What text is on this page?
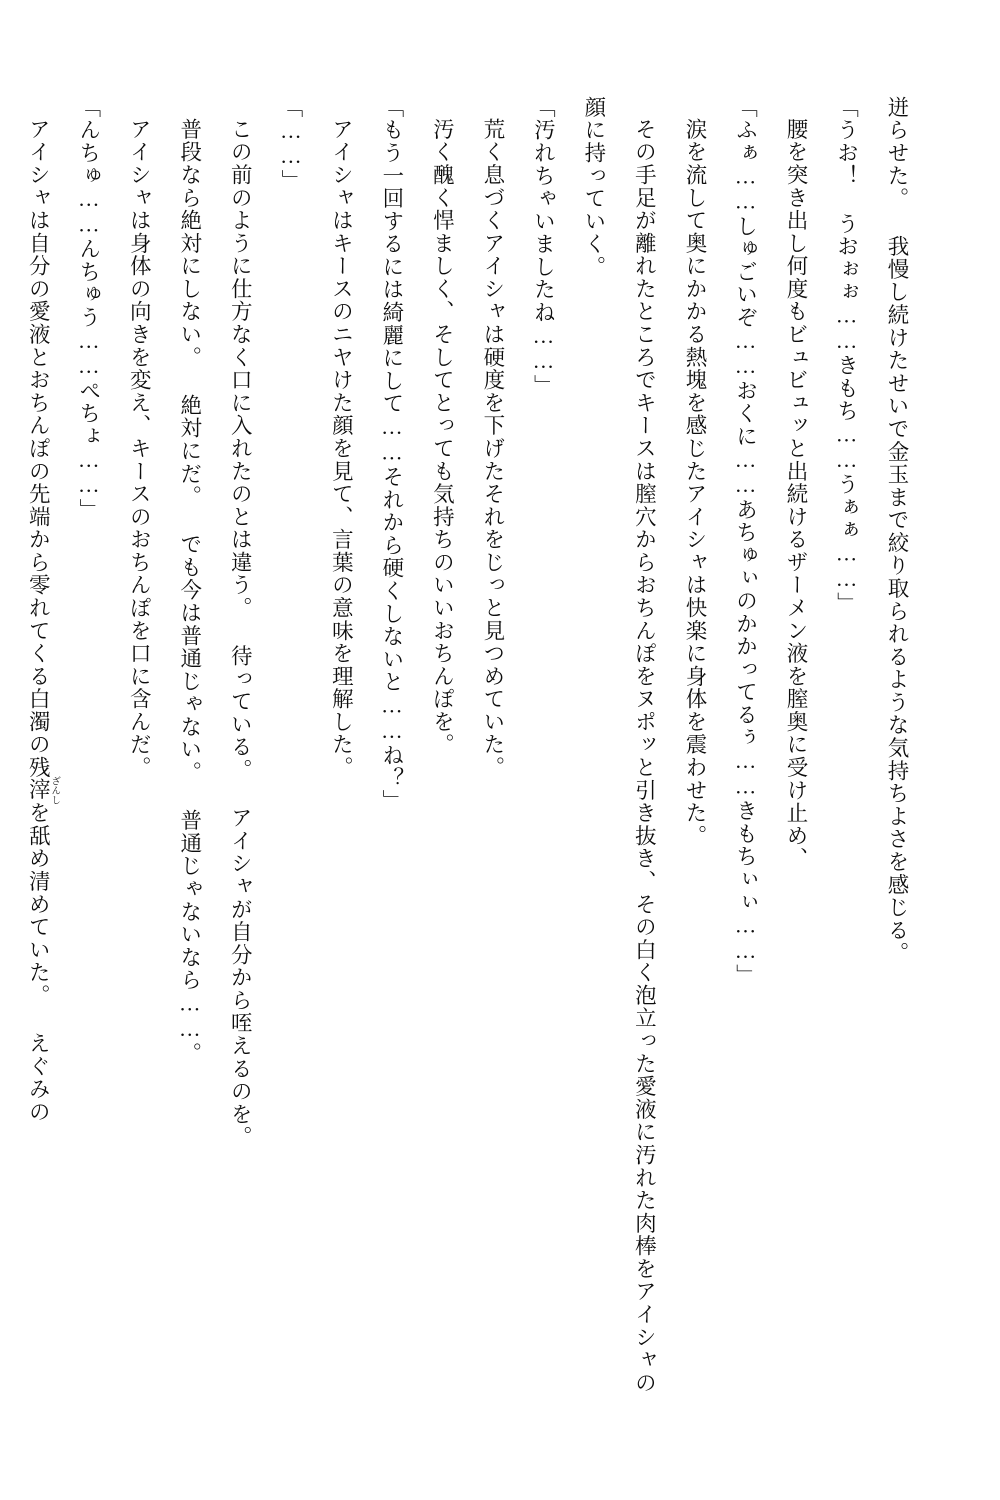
迸らせた。 我慢し続けたせいで金玉まで絞り取られるような気持ちよさを感じる。

「うお！ うおぉぉ……きもち……うぁぁ……」

腰を突き出し何度もビュビュッと出続けるザーメン液を膣奥に受け止め、

「ふぁ……しゅごいぞ……おくに……あちゅぃのかかってるぅ……きもちぃぃ……」

涙を流して奥にかかる熱塊を感じたアイシャは快楽に身体を震わせた。

その手足が離れたところでキースは膣穴からおちんぽをヌポッと引き抜き、その白く泡立った愛液に汚れた肉棒をアイシャの顔に持っていく。

「汚れちゃいましたね……」

荒く息づくアイシャは硬度を下げたそれをじっと見つめていた。

汚く醜く悍ましく、そしてとっても気持ちのいいおちんぽを。

「もう一回するには綺麗にして……それから硬くしないと……ね？」

アイシャはキースのニヤけた顔を見て、言葉の意味を理解した。

「……」

この前のように仕方なく口に入れたのとは違う。 待っている。 アイシャが自分から咥えるのを。

普段なら絶対にしない。 絶対にだ。 でも今は普通じゃない。 普通じゃないなら……。

アイシャは身体の向きを変え、キースのおちんぽを口に含んだ。

「んちゅ……んちゅう……ぺちょ……」

アイシャは自分の愛液とおちんぽの先端から零れてくる白濁の残滓 ざんしを舐め清めていた。 えぐみの
